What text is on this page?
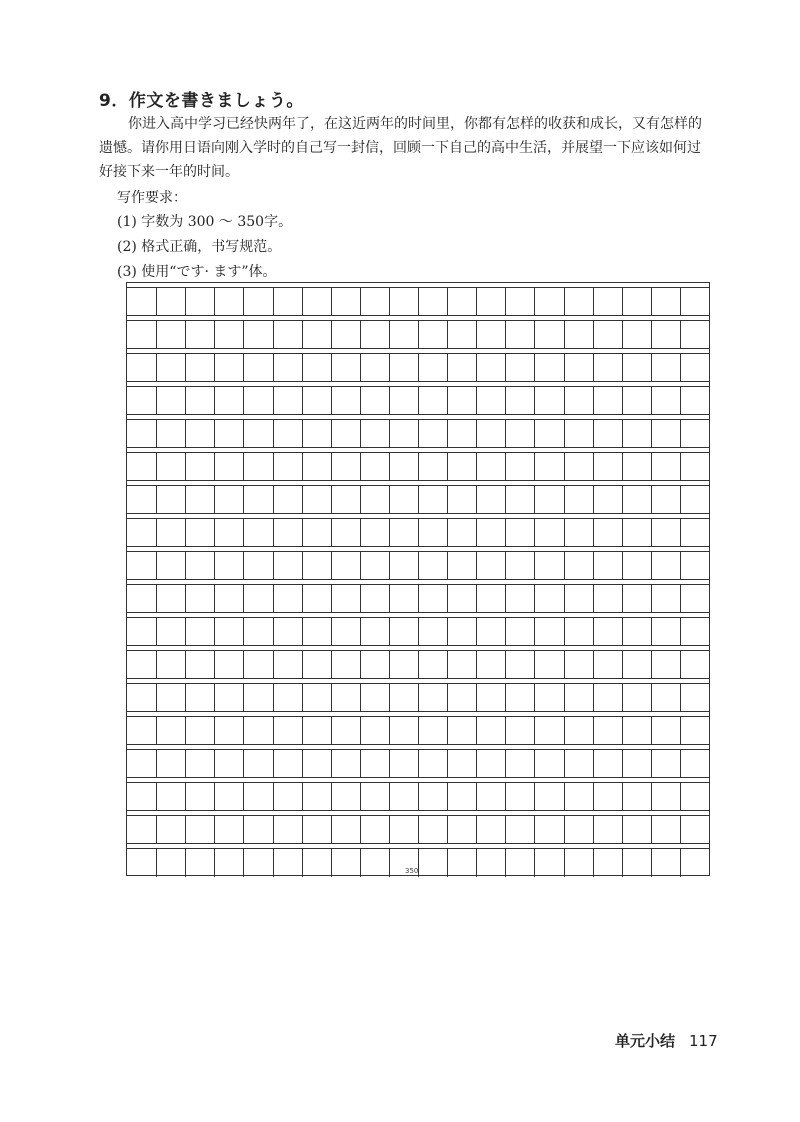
9．作文を書きましょう。

你进入高中学习已经快两年了，在这近两年的时间里，你都有怎样的收获和成长，又有怎样的遗憾。请你用日语向刚入学时的自己写一封信，回顾一下自己的高中生活，并展望一下应该如何过好接下来一年的时间。

写作要求：

(1) 字数为 300 ～ 350字。

(2) 格式正确，书写规范。

(3) 使用“です· ます”体。

350
单元小结 117
